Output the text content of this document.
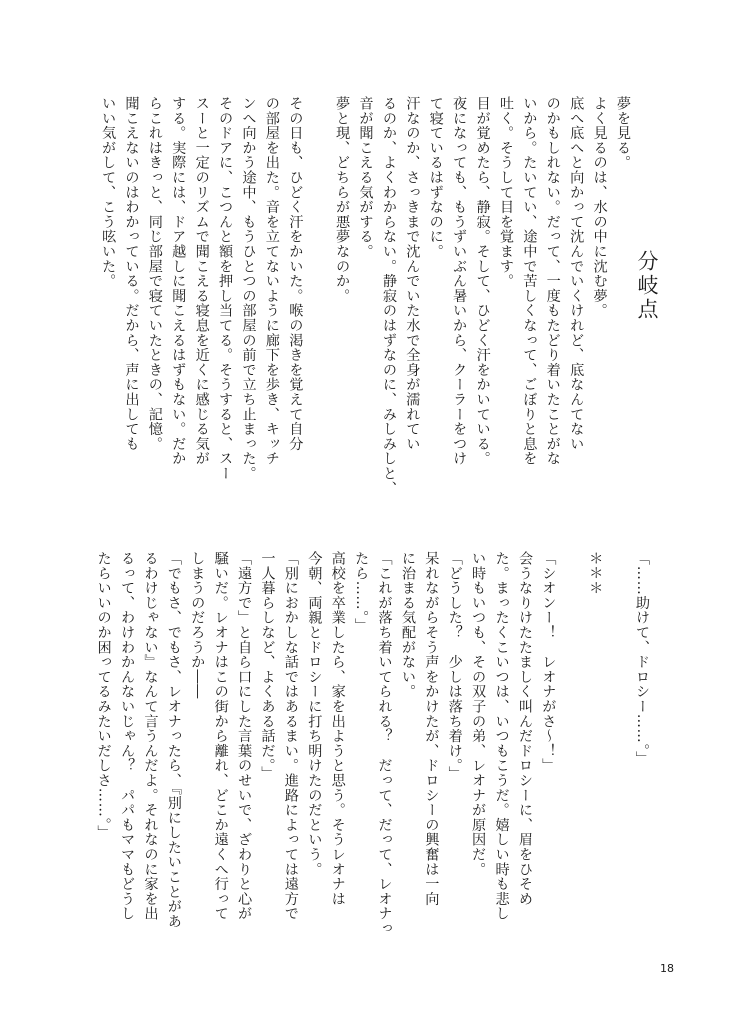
分岐点
夢を見る。
よく見るのは、水の中に沈む夢。
底へ底へと向かって沈んでいくけれど、底なんてない
のかもしれない。だって、一度もたどり着いたことがな
いから。たいてい、途中で苦しくなって、ごぼりと息を
吐く。そうして目を覚ます。
目が覚めたら、静寂。そして、ひどく汗をかいている。
夜になっても、もうずいぶん暑いから、クーラーをつけ
て寝ているはずなのに。
汗なのか、さっきまで沈んでいた水で全身が濡れてい
るのか、よくわからない。静寂のはずなのに、みしみしと、
音が聞こえる気がする。
夢と現、どちらが悪夢なのか。
その日も、ひどく汗をかいた。喉の渇きを覚えて自分
の部屋を出た。音を立てないように廊下を歩き、キッチ
ンへ向かう途中、もうひとつの部屋の前で立ち止まった。
そのドアに、こつんと額を押し当てる。そうすると、スー
スーと一定のリズムで聞こえる寝息を近くに感じる気が
する。実際には、ドア越しに聞こえるはずもない。だか
らこれはきっと、同じ部屋で寝ていたときの、記憶。
聞こえないのはわかっている。だから、声に出しても
いい気がして、こう呟いた。
「……助けて、ドロシー……。」
＊＊＊
「シオンー！　レオナがさ～！」
会うなりけたたましく叫んだドロシーに、眉をひそめ
た。まったくこいつは、いつもこうだ。嬉しい時も悲し
い時もいつも、その双子の弟、レオナが原因だ。
「どうした？　少しは落ち着け。」
呆れながらそう声をかけたが、ドロシーの興奮は一向
に治まる気配がない。
「これが落ち着いてられる？　だって、だって、レオナっ
たら……。」
高校を卒業したら、家を出ようと思う。そうレオナは
今朝、両親とドロシーに打ち明けたのだという。
「別におかしな話ではあるまい。進路によっては遠方で
一人暮らしなど、よくある話だ。」
「遠方で」と自ら口にした言葉のせいで、ざわりと心が
騒いだ。レオナはこの街から離れ、どこか遠くへ行って
しまうのだろうか――
「でもさ、でもさ、レオナったら、『別にしたいことがあ
るわけじゃない』なんて言うんだよ。それなのに家を出
るって、わけわかんないじゃん？　パパもママもどうし
たらいいのか困ってるみたいだしさ……。」
18
